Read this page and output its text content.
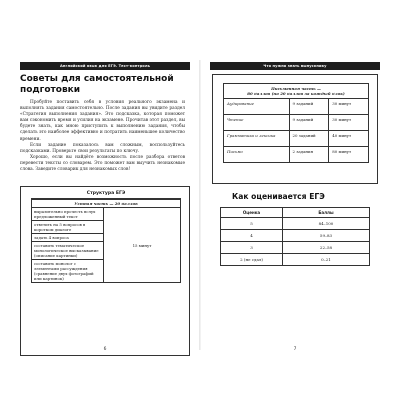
Английский язык для ЕГЭ. Тест-контроль
Советы для самостоятельной подготовки

Пробуйте поставить себя в условия реального экзамена и выполнять задания самостоятельно. После задания вы увидите раздел «Стратегия выполнения задания». Это подсказка, которая поможет вам сэкономить время и усилия на экзамене. Прочитав этот раздел, вы будете знать, как мною приступить к выполнению задания, чтобы сделать это наиболее эффективно и потратить наименьшее количество времени.

Если задание показалось вам сложным, воспользуйтесь подсказками. Проверьте свои результаты по ключу.

Хорошо, если вы найдёте возможность после разбора ответов перевести тексты со словарем. Это поможет вам выучить незнакомые слова. Заведите словарик для незнакомых слов!

Структура ЕГЭ
Устная часть — 20 баллов
выразительно прочесть вслух предложенный текст	15 минут
ответить на 5 вопросов в коротком диалоге
задать 4 вопроса
составить тематическое монологическое высказывание (описание картинки)
составить монолог с элементами рассуждения (сравнение двух фотографий или картинок)
6
Что нужно знать выпускнику
Письменная часть —
80 баллов (по 20 баллов за каждый блок)		

Аудирование	9 заданий	30 минут
Чтение	9 заданий	30 минут
Грамматика и лексика	20 заданий	40 минут
Письмо	2 задания	80 минут
Как оценивается ЕГЭ
Оценка	Баллы
5	84–100
4	59–83
3	22–58
2 (не сдал)	0–21
7
